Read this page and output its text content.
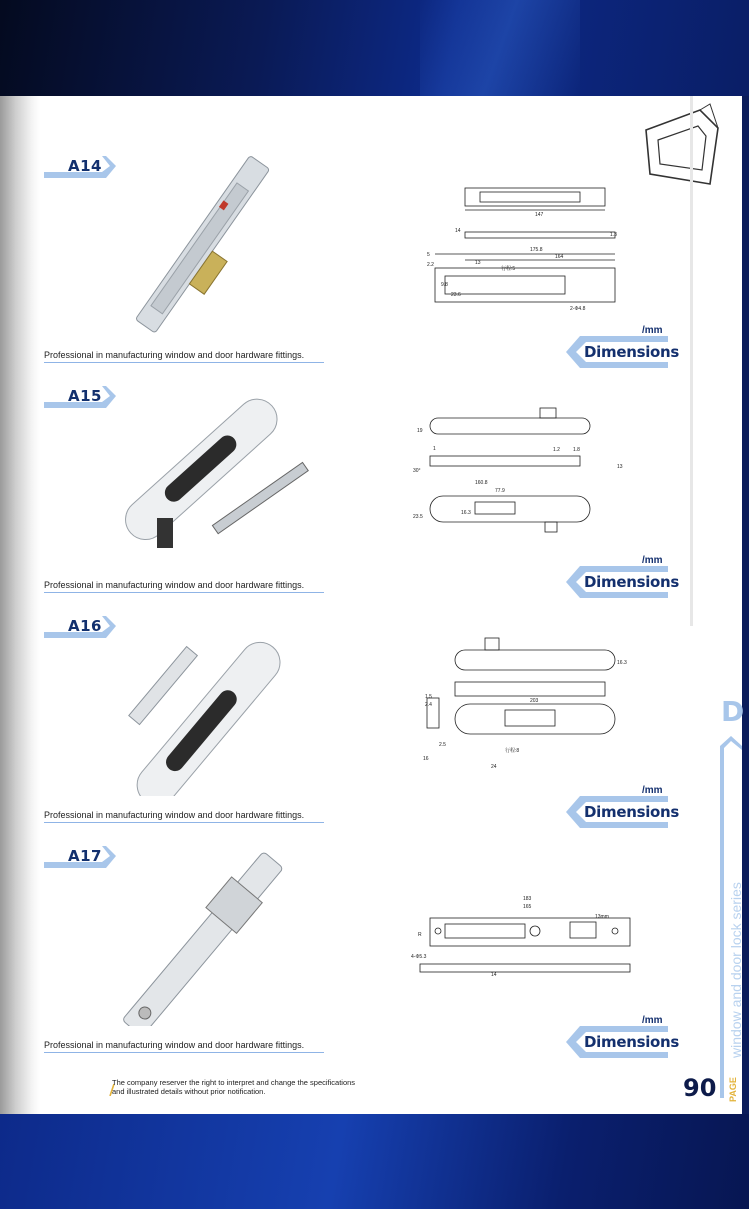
A14
147
175.8
164
14
1.3
5
2.2
9.8
13
23.6
行程:5
2-Φ4.8
Professional in manufacturing window and door hardware fittings.
/mm
Dimensions
A15
19
1.2	1.8
30°
160.8
77.9
23.5
16.3
13
1
Professional in manufacturing window and door hardware fittings.
/mm
Dimensions
A16
16.3
1.5
2.4
203
2.5
16
24
行程:8
Professional in manufacturing window and door hardware fittings.
/mm
Dimensions
A17
183
165
13mm
R
4-Φ5.3
14
Professional in manufacturing window and door hardware fittings.
/mm
Dimensions
D
window and door lock series
PAGE
90
The company reserver the right to interpret and change the specifications
and illustrated details without prior notification.
